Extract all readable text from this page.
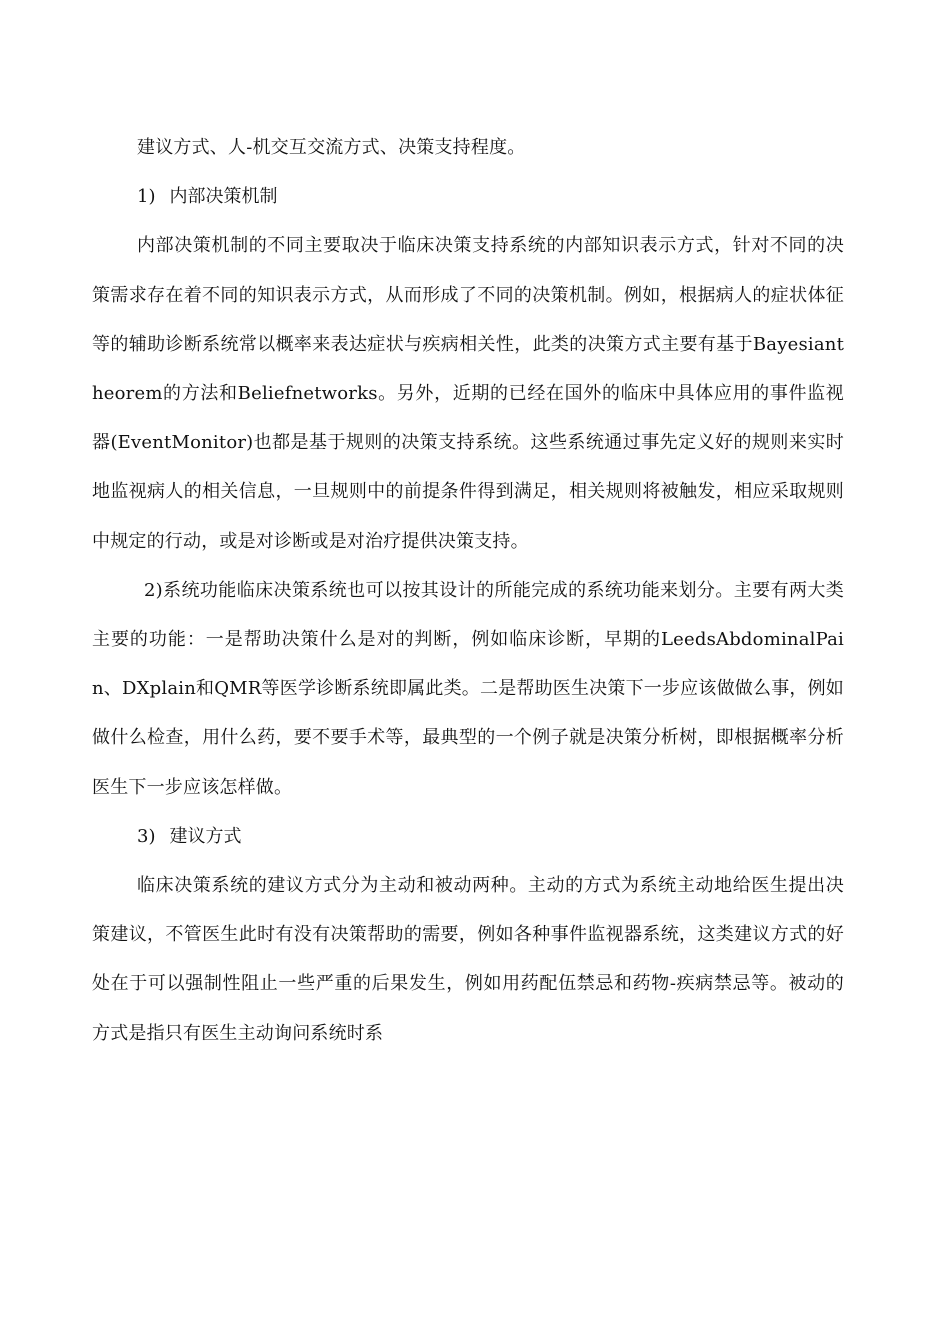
建议方式、人-机交互交流方式、决策支持程度。

1) 内部决策机制

内部决策机制的不同主要取决于临床决策支持系统的内部知识表示方式，针对不同的决策需求存在着不同的知识表示方式，从而形成了不同的决策机制。例如，根据病人的症状体征等的辅助诊断系统常以概率来表达症状与疾病相关性，此类的决策方式主要有基于Bayesiantheorem的方法和Beliefnetworks。另外，近期的已经在国外的临床中具体应用的事件监视器(EventMonitor)也都是基于规则的决策支持系统。这些系统通过事先定义好的规则来实时地监视病人的相关信息，一旦规则中的前提条件得到满足，相关规则将被触发，相应采取规则中规定的行动，或是对诊断或是对治疗提供决策支持。

2)系统功能临床决策系统也可以按其设计的所能完成的系统功能来划分。主要有两大类主要的功能：一是帮助决策什么是对的判断，例如临床诊断，早期的LeedsAbdominalPain、DXplain和QMR等医学诊断系统即属此类。二是帮助医生决策下一步应该做做么事，例如做什么检查，用什么药，要不要手术等，最典型的一个例子就是决策分析树，即根据概率分析医生下一步应该怎样做。

3) 建议方式

临床决策系统的建议方式分为主动和被动两种。主动的方式为系统主动地给医生提出决策建议，不管医生此时有没有决策帮助的需要，例如各种事件监视器系统，这类建议方式的好处在于可以强制性阻止一些严重的后果发生，例如用药配伍禁忌和药物-疾病禁忌等。被动的方式是指只有医生主动询问系统时系
